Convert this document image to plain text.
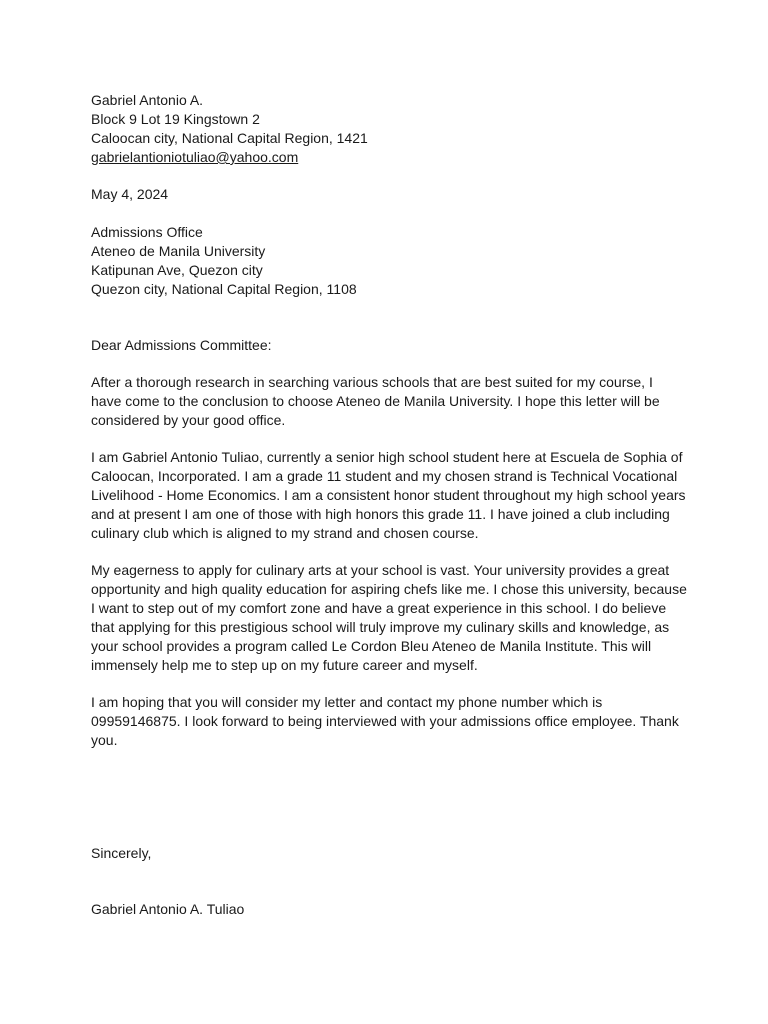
Gabriel Antonio A.
Block 9 Lot 19 Kingstown 2
Caloocan city, National Capital Region, 1421
gabrielantioniotuliao@yahoo.com
May 4, 2024
Admissions Office
Ateneo de Manila University
Katipunan Ave, Quezon city
Quezon city, National Capital Region, 1108
Dear Admissions Committee:
After a thorough research in searching various schools that are best suited for my course, I
have come to the conclusion to choose Ateneo de Manila University. I hope this letter will be
considered by your good office.
I am Gabriel Antonio Tuliao, currently a senior high school student here at Escuela de Sophia of
Caloocan, Incorporated. I am a grade 11 student and my chosen strand is Technical Vocational
Livelihood - Home Economics. I am a consistent honor student throughout my high school years
and at present I am one of those with high honors this grade 11. I have joined a club including
culinary club which is aligned to my strand and chosen course.
My eagerness to apply for culinary arts at your school is vast. Your university provides a great
opportunity and high quality education for aspiring chefs like me. I chose this university, because
I want to step out of my comfort zone and have a great experience in this school. I do believe
that applying for this prestigious school will truly improve my culinary skills and knowledge, as
your school provides a program called Le Cordon Bleu Ateneo de Manila Institute. This will
immensely help me to step up on my future career and myself.
I am hoping that you will consider my letter and contact my phone number which is
09959146875. I look forward to being interviewed with your admissions office employee. Thank
you.
Sincerely,
Gabriel Antonio A. Tuliao
